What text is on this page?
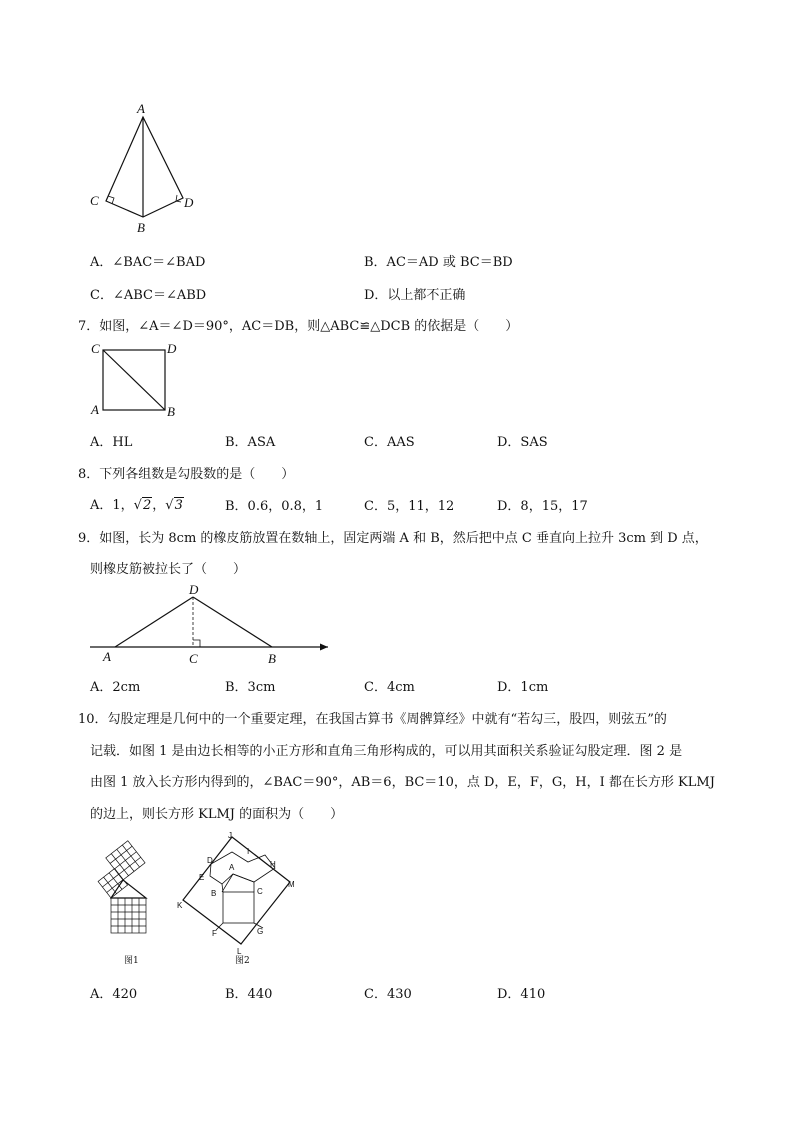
A
C
B
D
A．∠BAC＝∠BAD	B．AC＝AD 或 BC＝BD
C．∠ABC＝∠ABD	D．以上都不正确
7．如图，∠A＝∠D＝90°，AC＝DB，则△ABC≌△DCB 的依据是（　　）
C	D
A	B
A．HL	B．ASA	C．AAS	D．SAS
8．下列各组数是勾股数的是（　　）
A．1，√2，√3	B．0.6，0.8，1	C．5，11，12	D．8，15，17
9．如图，长为 8cm 的橡皮筋放置在数轴上，固定两端 A 和 B，然后把中点 C 垂直向上拉升 3cm 到 D 点，
则橡皮筋被拉长了（　　）
D
A	C	B
A．2cm	B．3cm	C．4cm	D．1cm
10．勾股定理是几何中的一个重要定理，在我国古算书《周髀算经》中就有“若勾三，股四，则弦五”的
记载．如图 1 是由边长相等的小正方形和直角三角形构成的，可以用其面积关系验证勾股定理．图 2 是
由图 1 放入长方形内得到的，∠BAC＝90°，AB＝6，BC＝10，点 D，E，F，G，H，I 都在长方形 KLMJ
的边上，则长方形 KLMJ 的面积为（　　）
图1
J
D
A
I
H
E
M
B	C
K
F	G
L
图2
A．420	B．440	C．430	D．410
